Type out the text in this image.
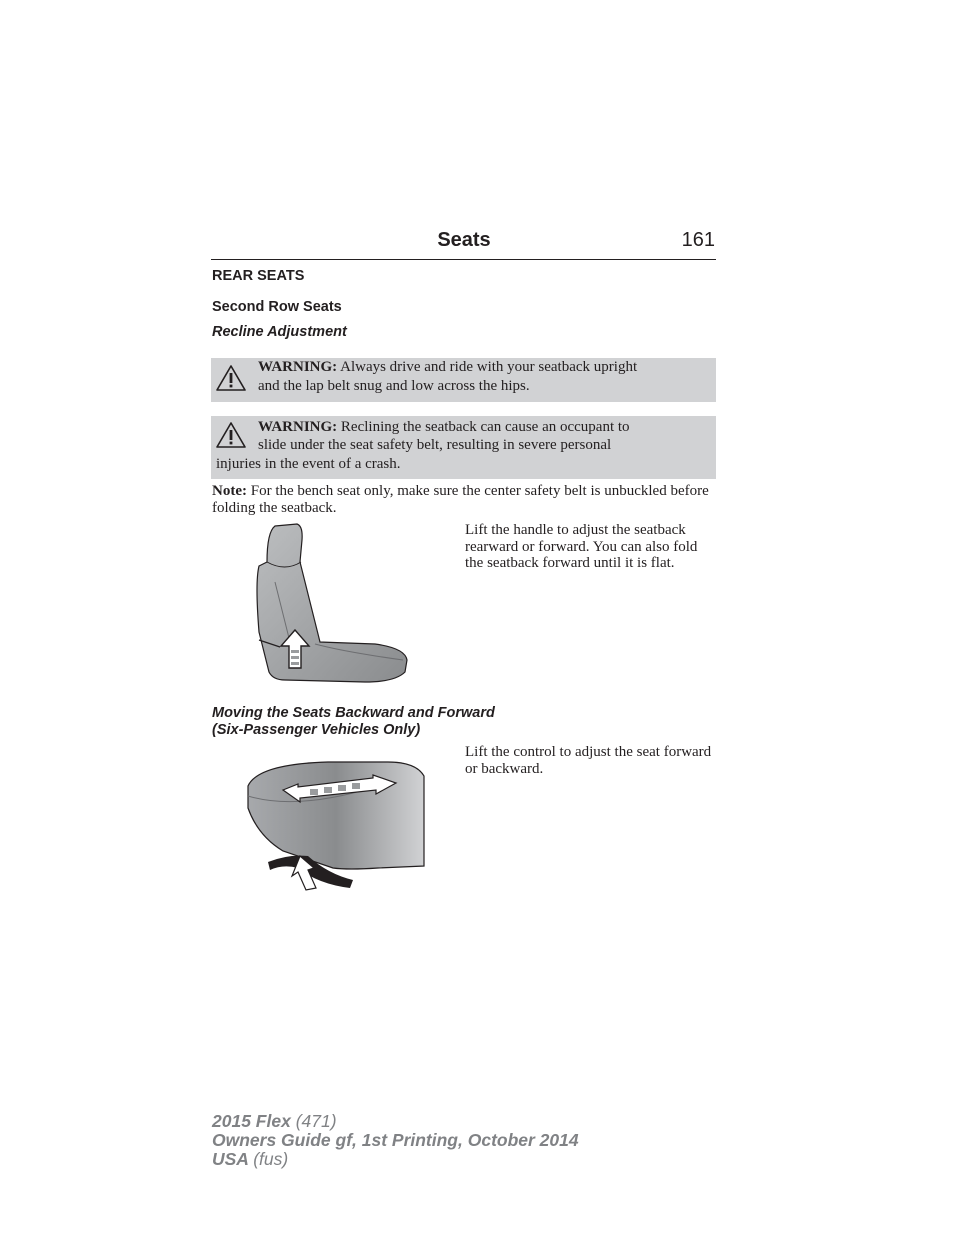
Seats	161
REAR SEATS
Second Row Seats
Recline Adjustment
WARNING: Always drive and ride with your seatback upright
and the lap belt snug and low across the hips.
WARNING: Reclining the seatback can cause an occupant to
slide under the seat safety belt, resulting in severe personal
injuries in the event of a crash.
Note: For the bench seat only, make sure the center safety belt is unbuckled before folding the seatback.
Lift the handle to adjust the seatback rearward or forward. You can also fold the seatback forward until it is flat.
Moving the Seats Backward and Forward
(Six-Passenger Vehicles Only)
Lift the control to adjust the seat forward or backward.
2015 Flex (471)
Owners Guide gf, 1st Printing, October 2014
USA (fus)
